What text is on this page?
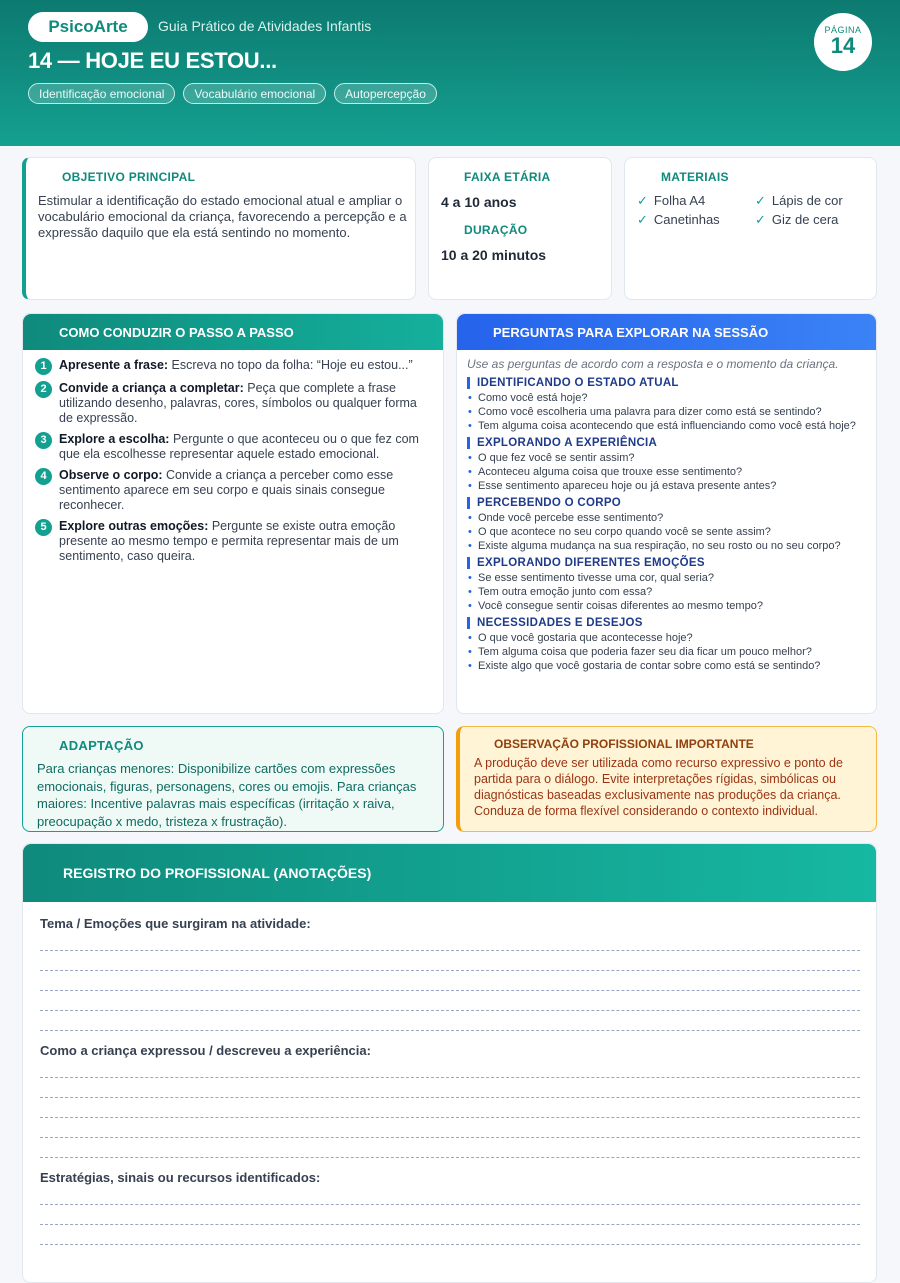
PsicoArte	Guia Prático de Atividades Infantis
14 — HOJE EU ESTOU...
Identificação emocional	Vocabulário emocional	Autopercepção
PÁGINA
14
OBJETIVO PRINCIPAL
Estimular a identificação do estado emocional atual e ampliar o vocabulário emocional da criança, favorecendo a percepção e a expressão daquilo que ela está sentindo no momento.
FAIXA ETÁRIA
4 a 10 anos
DURAÇÃO
10 a 20 minutos
MATERIAIS
✓ Folha A4	✓ Lápis de cor
✓ Canetinhas	✓ Giz de cera
COMO CONDUZIR O PASSO A PASSO
1 Apresente a frase: Escreva no topo da folha: “Hoje eu estou...”
2 Convide a criança a completar: Peça que complete a frase utilizando desenho, palavras, cores, símbolos ou qualquer forma de expressão.
3 Explore a escolha: Pergunte o que aconteceu ou o que fez com que ela escolhesse representar aquele estado emocional.
4 Observe o corpo: Convide a criança a perceber como esse sentimento aparece em seu corpo e quais sinais consegue reconhecer.
5 Explore outras emoções: Pergunte se existe outra emoção presente ao mesmo tempo e permita representar mais de um sentimento, caso queira.
PERGUNTAS PARA EXPLORAR NA SESSÃO
Use as perguntas de acordo com a resposta e o momento da criança.
IDENTIFICANDO O ESTADO ATUAL
• Como você está hoje?
• Como você escolheria uma palavra para dizer como está se sentindo?
• Tem alguma coisa acontecendo que está influenciando como você está hoje?
EXPLORANDO A EXPERIÊNCIA
• O que fez você se sentir assim?
• Aconteceu alguma coisa que trouxe esse sentimento?
• Esse sentimento apareceu hoje ou já estava presente antes?
PERCEBENDO O CORPO
• Onde você percebe esse sentimento?
• O que acontece no seu corpo quando você se sente assim?
• Existe alguma mudança na sua respiração, no seu rosto ou no seu corpo?
EXPLORANDO DIFERENTES EMOÇÕES
• Se esse sentimento tivesse uma cor, qual seria?
• Tem outra emoção junto com essa?
• Você consegue sentir coisas diferentes ao mesmo tempo?
NECESSIDADES E DESEJOS
• O que você gostaria que acontecesse hoje?
• Tem alguma coisa que poderia fazer seu dia ficar um pouco melhor?
• Existe algo que você gostaria de contar sobre como está se sentindo?
ADAPTAÇÃO
Para crianças menores: Disponibilize cartões com expressões emocionais, figuras, personagens, cores ou emojis. Para crianças maiores: Incentive palavras mais específicas (irritação x raiva, preocupação x medo, tristeza x frustração).
OBSERVAÇÃO PROFISSIONAL IMPORTANTE
A produção deve ser utilizada como recurso expressivo e ponto de partida para o diálogo. Evite interpretações rígidas, simbólicas ou diagnósticas baseadas exclusivamente nas produções da criança. Conduza de forma flexível considerando o contexto individual.
REGISTRO DO PROFISSIONAL (ANOTAÇÕES)
Tema / Emoções que surgiram na atividade:
Como a criança expressou / descreveu a experiência:
Estratégias, sinais ou recursos identificados:
